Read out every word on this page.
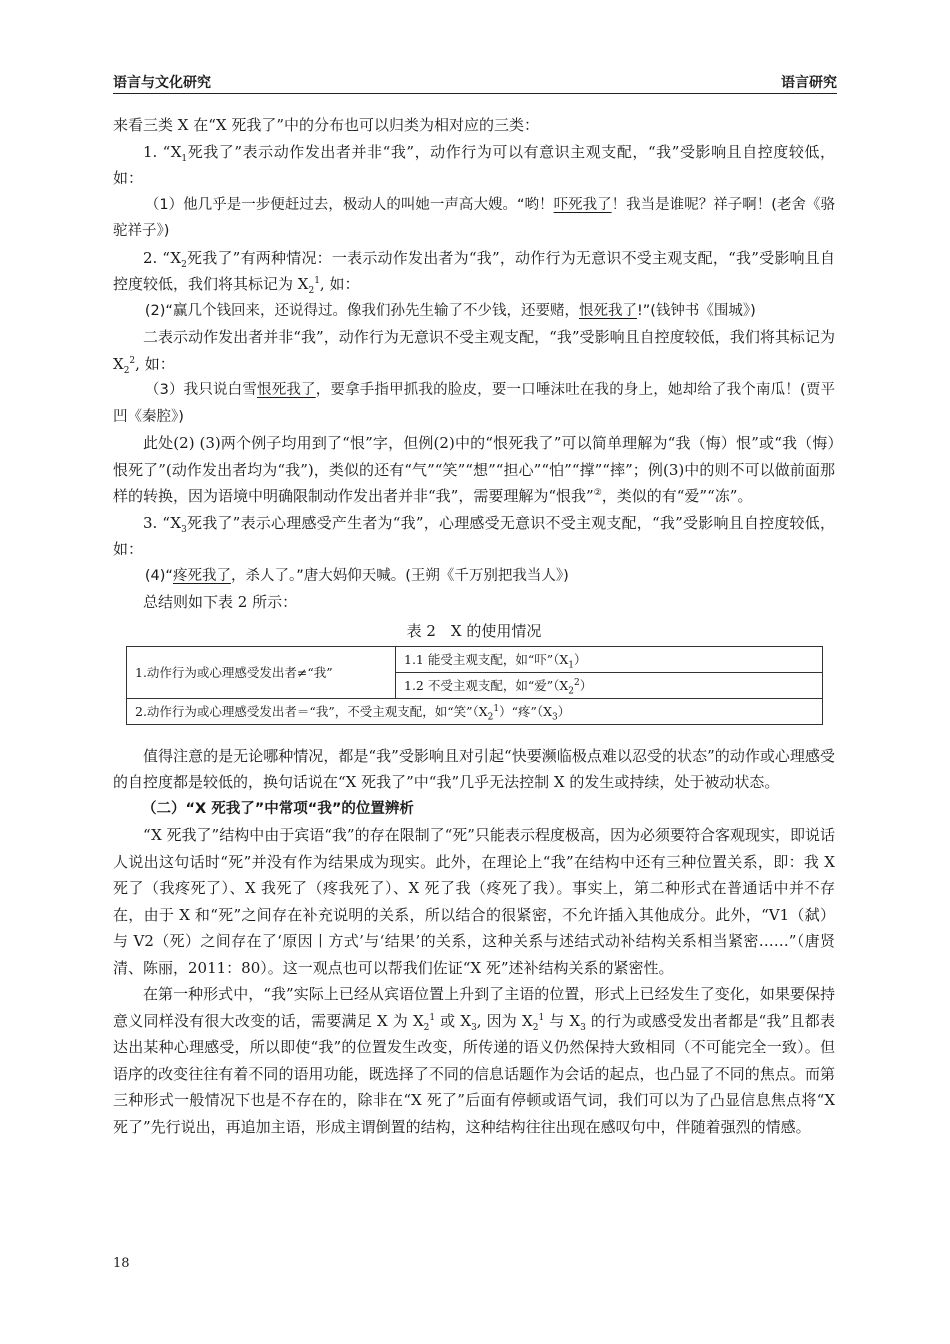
语言与文化研究	语言研究

来看三类 X 在“X 死我了”中的分布也可以归类为相对应的三类：

1. “$X_1$死我了”表示动作发出者并非“我”，动作行为可以有意识主观支配，“我”受影响且自控度较低，如：

（1）他几乎是一步便赶过去，极动人的叫她一声高大嫂。“哟！吓死我了！我当是谁呢？祥子啊！(老舍《骆驼祥子》)

2. “$X_2$死我了”有两种情况：一表示动作发出者为“我”，动作行为无意识不受主观支配，“我”受影响且自控度较低，我们将其标记为 $X_2^1$, 如：

(2)“赢几个钱回来，还说得过。像我们孙先生输了不少钱，还要赌，恨死我了!”(钱钟书《围城》)

二表示动作发出者并非“我”，动作行为无意识不受主观支配，“我”受影响且自控度较低，我们将其标记为 $X_2^2$, 如：

（3）我只说白雪恨死我了，要拿手指甲抓我的脸皮，要一口唾沫吐在我的身上，她却给了我个南瓜！(贾平凹《秦腔》)

此处(2) (3)两个例子均用到了“恨”字，但例(2)中的“恨死我了”可以简单理解为“我（悔）恨”或“我（悔）恨死了”(动作发出者均为“我”)，类似的还有“气”“笑”“想”“担心”“怕”“撑”“摔”；例(3)中的则不可以做前面那样的转换，因为语境中明确限制动作发出者并非“我”，需要理解为“恨我”②，类似的有“爱”“冻”。

3. “$X_3$死我了”表示心理感受产生者为“我”，心理感受无意识不受主观支配，“我”受影响且自控度较低，如：

(4)“疼死我了，杀人了。”唐大妈仰天喊。(王朔《千万别把我当人》)

总结则如下表 2 所示：

表 2　X 的使用情况

1.动作行为或心理感受发出者≠“我”	1.1 能受主观支配，如“吓$”(X_1)$
1.2 不受主观支配，如“爱$”(X_2^2)$
2.动作行为或心理感受发出者＝“我”，不受主观支配，如“笑$”(X_2^1)“$疼$”(X_3)$

值得注意的是无论哪种情况，都是“我”受影响且对引起“快要濒临极点难以忍受的状态”的动作或心理感受的自控度都是较低的，换句话说在“X 死我了”中“我”几乎无法控制 X 的发生或持续，处于被动状态。

（二）“X 死我了”中常项“我”的位置辨析

“X 死我了”结构中由于宾语“我”的存在限制了“死”只能表示程度极高，因为必须要符合客观现实，即说话人说出这句话时“死”并没有作为结果成为现实。此外，在理论上“我”在结构中还有三种位置关系，即：我 X 死了（我疼死了）、X 我死了（疼我死了）、X 死了我（疼死了我）。事实上，第二种形式在普通话中并不存在，由于 X 和“死”之间存在补充说明的关系，所以结合的很紧密，不允许插入其他成分。此外，“V1（弑）与 V2（死）之间存在了‘原因丨方式’与‘结果’的关系，这种关系与述结式动补结构关系相当紧密……”（唐贤清、陈丽，2011：80）。这一观点也可以帮我们佐证“X 死”述补结构关系的紧密性。

在第一种形式中，“我”实际上已经从宾语位置上升到了主语的位置，形式上已经发生了变化，如果要保持意义同样没有很大改变的话，需要满足 X 为 $X_2^1$ 或 $X_3$, 因为 $X_2^1$ 与 $X_3$ 的行为或感受发出者都是“我”且都表达出某种心理感受，所以即使“我”的位置发生改变，所传递的语义仍然保持大致相同（不可能完全一致）。但语序的改变往往有着不同的语用功能，既选择了不同的信息话题作为会话的起点，也凸显了不同的焦点。而第三种形式一般情况下也是不存在的，除非在“X 死了”后面有停顿或语气词，我们可以为了凸显信息焦点将“X 死了”先行说出，再追加主语，形成主谓倒置的结构，这种结构往往出现在感叹句中，伴随着强烈的情感。

18
